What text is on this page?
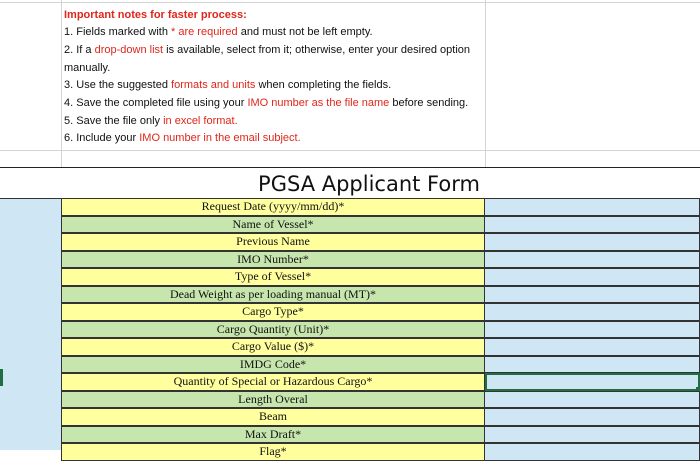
Important notes for faster process:
1. Fields marked with * are required and must not be left empty.
2. If a drop-down list is available, select from it; otherwise, enter your desired option
manually.
3. Use the suggested formats and units when completing the fields.
4. Save the completed file using your IMO number as the file name before sending.
5. Save the file only in excel format.
6. Include your IMO number in the email subject.
PGSA Applicant Form
Request Date (yyyy/mm/dd)*
Name of Vessel*
Previous Name
IMO Number*
Type of Vessel*
Dead Weight as per loading manual (MT)*
Cargo Type*
Cargo Quantity (Unit)*
Cargo Value ($)*
IMDG Code*
Quantity of Special or Hazardous Cargo*
Length Overal
Beam
Max Draft*
Flag*
